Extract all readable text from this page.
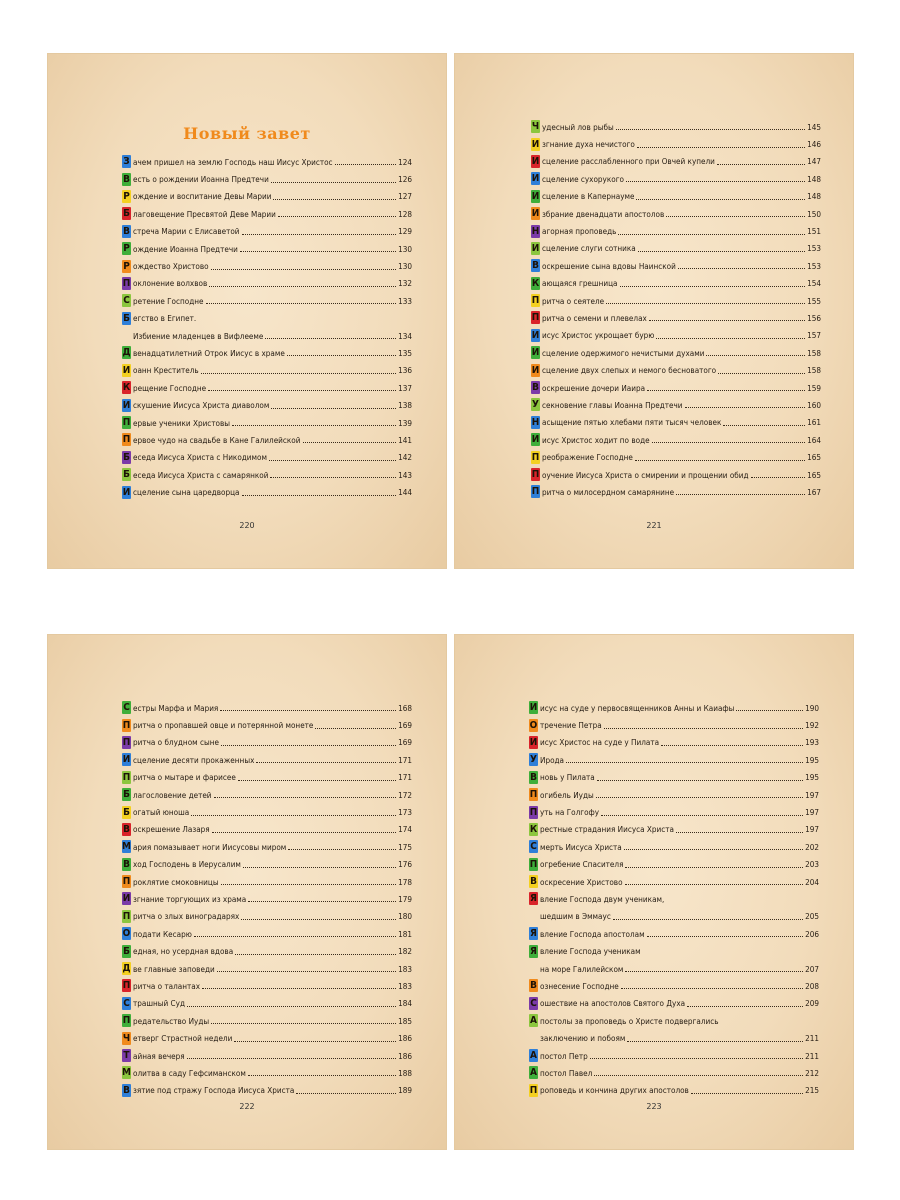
Новый завет
З ачем пришел на землю Господь наш Иисус Христос	124
В есть о рождении Иоанна Предтечи	126
Р ождение и воспитание Девы Марии	127
Б лаговещение Пресвятой Деве Марии	128
В стреча Марии с Елисаветой	129
Р ождение Иоанна Предтечи	130
Р ождество Христово	130
П оклонение волхвов	132
С ретение Господне	133
Б егство в Египет.
Избиение младенцев в Вифлееме	134
Д венадцатилетний Отрок Иисус в храме	135
И оанн Креститель	136
К рещение Господне	137
И скушение Иисуса Христа диаволом	138
П ервые ученики Христовы	139
П ервое чудо на свадьбе в Кане Галилейской	141
Б еседа Иисуса Христа с Никодимом	142
Б еседа Иисуса Христа с самарянкой	143
И сцеление сына царедворца	144

220

Ч удесный лов рыбы	145
И згнание духа нечистого	146
И сцеление расслабленного при Овчей купели	147
И сцеление сухорукого	148
И сцеление в Капернауме	148
И збрание двенадцати апостолов	150
Н агорная проповедь	151
И сцеление слуги сотника	153
В оскрешение сына вдовы Наинской	153
К ающаяся грешница	154
П ритча о сеятеле	155
П ритча о семени и плевелах	156
И исус Христос укрощает бурю	157
И сцеление одержимого нечистыми духами	158
И сцеление двух слепых и немого бесноватого	158
В оскрешение дочери Иаира	159
У секновение главы Иоанна Предтечи	160
Н асыщение пятью хлебами пяти тысяч человек	161
И исус Христос ходит по воде	164
П реображение Господне	165
П оучение Иисуса Христа о смирении и прощении обид	165
П ритча о милосердном самарянине	167

221

С естры Марфа и Мария	168
П ритча о пропавшей овце и потерянной монете	169
П ритча о блудном сыне	169
И сцеление десяти прокаженных	171
П ритча о мытаре и фарисее	171
Б лагословение детей	172
Б огатый юноша	173
В оскрешение Лазаря	174
М ария помазывает ноги Иисусовы миром	175
В ход Господень в Иерусалим	176
П роклятие смоковницы	178
И згнание торгующих из храма	179
П ритча о злых виноградарях	180
О подати Кесарю	181
Б едная, но усердная вдова	182
Д ве главные заповеди	183
П ритча о талантах	183
С трашный Суд	184
П редательство Иуды	185
Ч етверг Страстной недели	186
Т айная вечеря	186
М олитва в саду Гефсиманском	188
В зятие под стражу Господа Иисуса Христа	189

222

И исус на суде у первосвященников Анны и Каиафы	190
О тречение Петра	192
И исус Христос на суде у Пилата	193
У Ирода	195
В новь у Пилата	195
П огибель Иуды	197
П уть на Голгофу	197
К рестные страдания Иисуса Христа	197
С мерть Иисуса Христа	202
П огребение Спасителя	203
В оскресение Христово	204
Я вление Господа двум ученикам,
шедшим в Эммаус	205
Я вление Господа апостолам	206
Я вление Господа ученикам
на море Галилейском	207
В ознесение Господне	208
С ошествие на апостолов Святого Духа	209
А постолы за проповедь о Христе подвергались
заключению и побоям	211
А постол Петр	211
А постол Павел	212
П роповедь и кончина других апостолов	215

223
